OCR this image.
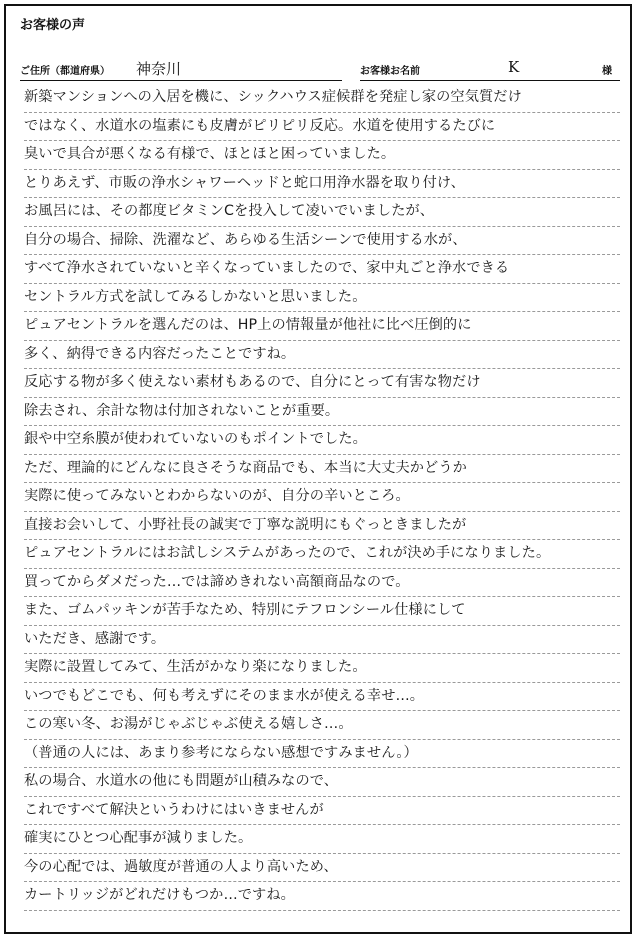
お客様の声
ご住所（都道府県） 神奈川	お客様お名前	K	様
新築マンションへの入居を機に、シックハウス症候群を発症し家の空気質だけ
ではなく、水道水の塩素にも皮膚がピリピリ反応。水道を使用するたびに
臭いで具合が悪くなる有様で、ほとほと困っていました。
とりあえず、市販の浄水シャワーヘッドと蛇口用浄水器を取り付け、
お風呂には、その都度ビタミンCを投入して凌いでいましたが、
自分の場合、掃除、洗濯など、あらゆる生活シーンで使用する水が、
すべて浄水されていないと辛くなっていましたので、家中丸ごと浄水できる
セントラル方式を試してみるしかないと思いました。
ピュアセントラルを選んだのは、HP上の情報量が他社に比べ圧倒的に
多く、納得できる内容だったことですね。
反応する物が多く使えない素材もあるので、自分にとって有害な物だけ
除去され、余計な物は付加されないことが重要。
銀や中空糸膜が使われていないのもポイントでした。
ただ、理論的にどんなに良さそうな商品でも、本当に大丈夫かどうか
実際に使ってみないとわからないのが、自分の辛いところ。
直接お会いして、小野社長の誠実で丁寧な説明にもぐっときましたが
ピュアセントラルにはお試しシステムがあったので、これが決め手になりました。
買ってからダメだった…では諦めきれない高額商品なので。
また、ゴムパッキンが苦手なため、特別にテフロンシール仕様にして
いただき、感謝です。
実際に設置してみて、生活がかなり楽になりました。
いつでもどこでも、何も考えずにそのまま水が使える幸せ…。
この寒い冬、お湯がじゃぶじゃぶ使える嬉しさ…。
（普通の人には、あまり参考にならない感想ですみません。）
私の場合、水道水の他にも問題が山積みなので、
これですべて解決というわけにはいきませんが
確実にひとつ心配事が減りました。
今の心配では、過敏度が普通の人より高いため、
カートリッジがどれだけもつか…ですね。
